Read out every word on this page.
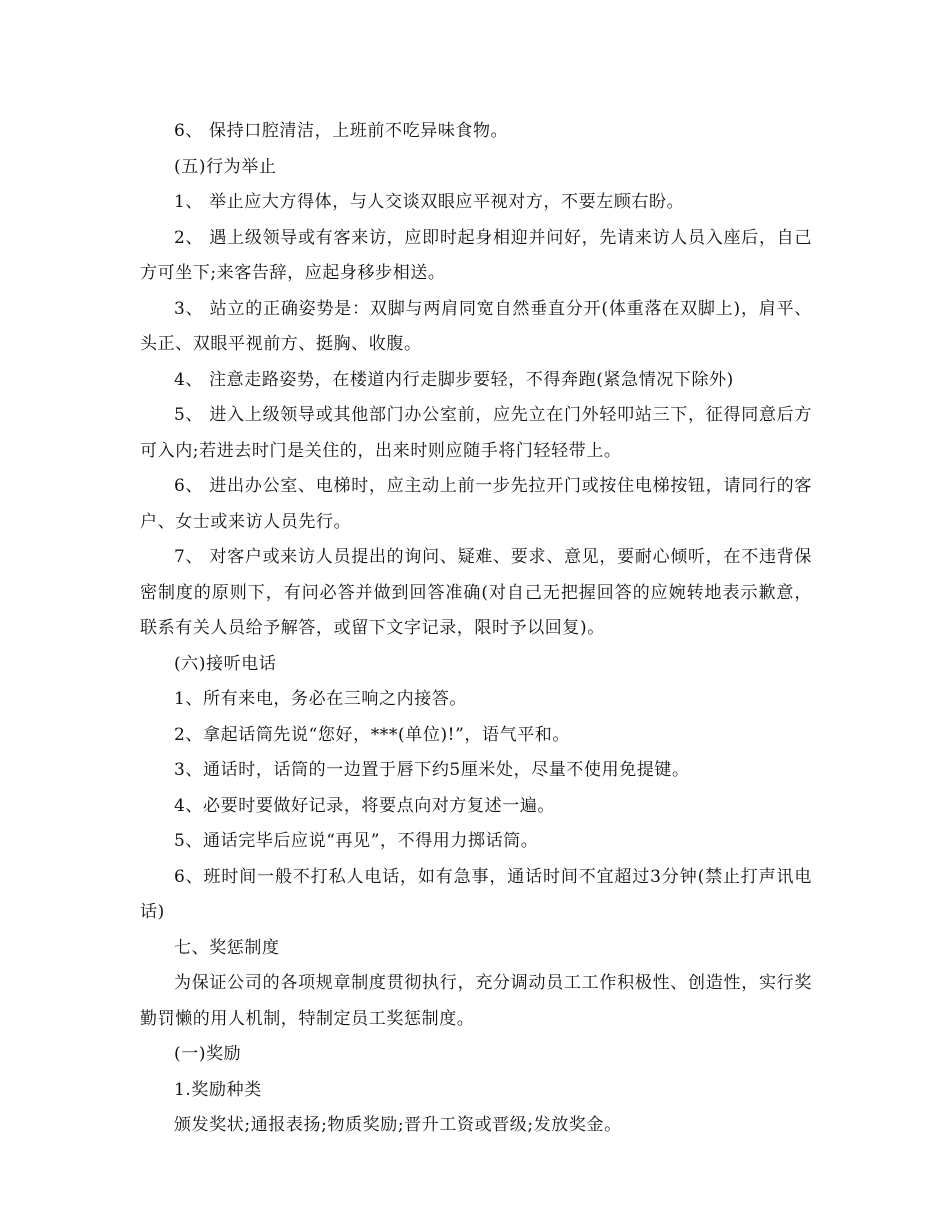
6、 保持口腔清洁，上班前不吃异味食物。

(五)行为举止

1、 举止应大方得体，与人交谈双眼应平视对方，不要左顾右盼。

2、 遇上级领导或有客来访，应即时起身相迎并问好，先请来访人员入座后，自己方可坐下;来客告辞，应起身移步相送。

3、 站立的正确姿势是：双脚与两肩同宽自然垂直分开(体重落在双脚上)，肩平、头正、双眼平视前方、挺胸、收腹。

4、 注意走路姿势，在楼道内行走脚步要轻，不得奔跑(紧急情况下除外)

5、 进入上级领导或其他部门办公室前，应先立在门外轻叩站三下，征得同意后方可入内;若进去时门是关住的，出来时则应随手将门轻轻带上。

6、 进出办公室、电梯时，应主动上前一步先拉开门或按住电梯按钮，请同行的客户、女士或来访人员先行。

7、 对客户或来访人员提出的询问、疑难、要求、意见，要耐心倾听，在不违背保密制度的原则下，有问必答并做到回答准确(对自己无把握回答的应婉转地表示歉意，联系有关人员给予解答，或留下文字记录，限时予以回复)。

(六)接听电话

1、所有来电，务必在三响之内接答。

2、拿起话筒先说“您好，***(单位)!”，语气平和。

3、通话时，话筒的一边置于唇下约5厘米处，尽量不使用免提键。

4、必要时要做好记录，将要点向对方复述一遍。

5、通话完毕后应说“再见”，不得用力掷话筒。

6、班时间一般不打私人电话，如有急事，通话时间不宜超过3分钟(禁止打声讯电话)

七、奖惩制度

为保证公司的各项规章制度贯彻执行，充分调动员工工作积极性、创造性，实行奖勤罚懒的用人机制，特制定员工奖惩制度。

(一)奖励

1.奖励种类

颁发奖状;通报表扬;物质奖励;晋升工资或晋级;发放奖金。
